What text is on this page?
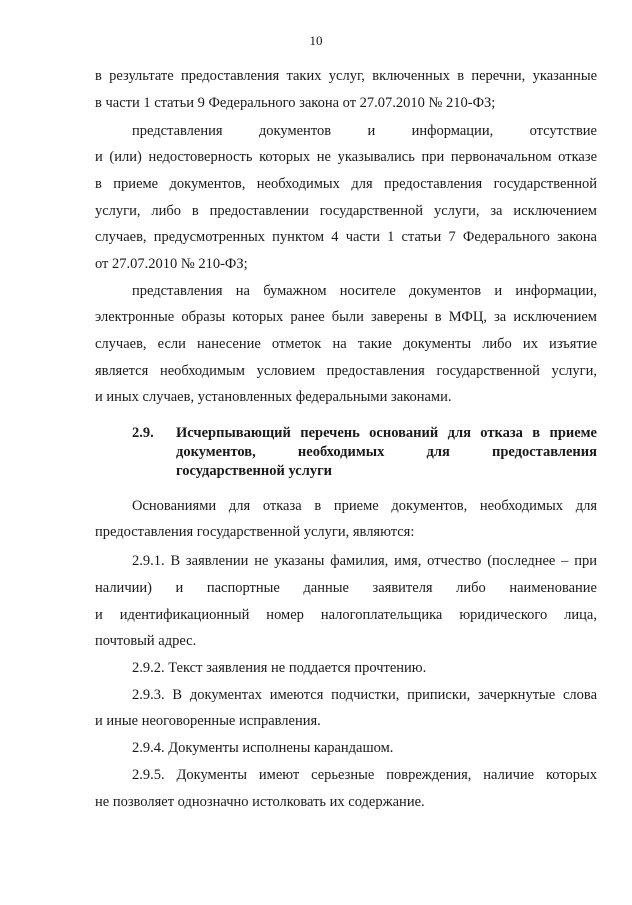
10
в результате предоставления таких услуг, включенных в перечни, указанные
в части 1 статьи 9 Федерального закона от 27.07.2010 № 210-ФЗ;
представления документов и информации, отсутствие
и (или) недостоверность которых не указывались при первоначальном отказе
в приеме документов, необходимых для предоставления государственной
услуги, либо в предоставлении государственной услуги, за исключением
случаев, предусмотренных пунктом 4 части 1 статьи 7 Федерального закона
от 27.07.2010 № 210-ФЗ;
представления на бумажном носителе документов и информации,
электронные образы которых ранее были заверены в МФЦ, за исключением
случаев, если нанесение отметок на такие документы либо их изъятие
является необходимым условием предоставления государственной услуги,
и иных случаев, установленных федеральными законами.
2.9. Исчерпывающий перечень оснований для отказа в приеме
документов, необходимых для предоставления
государственной услуги
Основаниями для отказа в приеме документов, необходимых для
предоставления государственной услуги, являются:
2.9.1. В заявлении не указаны фамилия, имя, отчество (последнее – при
наличии) и паспортные данные заявителя либо наименование
и идентификационный номер налогоплательщика юридического лица,
почтовый адрес.
2.9.2. Текст заявления не поддается прочтению.
2.9.3. В документах имеются подчистки, приписки, зачеркнутые слова
и иные неоговоренные исправления.
2.9.4. Документы исполнены карандашом.
2.9.5. Документы имеют серьезные повреждения, наличие которых
не позволяет однозначно истолковать их содержание.
